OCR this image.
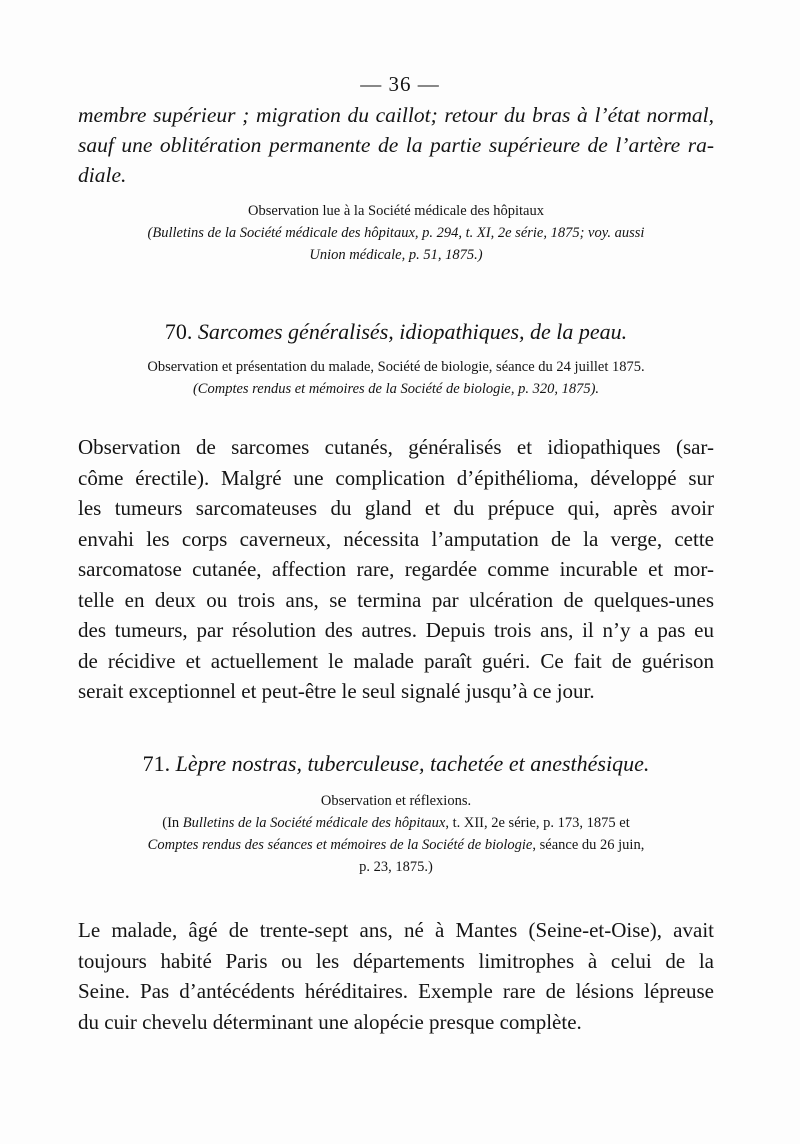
— 36 —
membre supérieur ; migration du caillot; retour du bras à l’état normal,
sauf une oblitération permanente de la partie supérieure de l’artère ra-
diale.
Observation lue à la Société médicale des hôpitaux
(Bulletins de la Société médicale des hôpitaux, p. 294, t. XI, 2e série, 1875; voy. aussi
Union médicale, p. 51, 1875.)
70. Sarcomes généralisés, idiopathiques, de la peau.
Observation et présentation du malade, Société de biologie, séance du 24 juillet 1875.
(Comptes rendus et mémoires de la Société de biologie, p. 320, 1875).
Observation de sarcomes cutanés, généralisés et idiopathiques (sar-
côme érectile). Malgré une complication d’épithélioma, développé sur
les tumeurs sarcomateuses du gland et du prépuce qui, après avoir
envahi les corps caverneux, nécessita l’amputation de la verge, cette
sarcomatose cutanée, affection rare, regardée comme incurable et mor-
telle en deux ou trois ans, se termina par ulcération de quelques-unes
des tumeurs, par résolution des autres. Depuis trois ans, il n’y a pas eu
de récidive et actuellement le malade paraît guéri. Ce fait de guérison
serait exceptionnel et peut-être le seul signalé jusqu’à ce jour.
71. Lèpre nostras, tuberculeuse, tachetée et anesthésique.
Observation et réflexions.
(In Bulletins de la Société médicale des hôpitaux, t. XII, 2e série, p. 173, 1875 et
Comptes rendus des séances et mémoires de la Société de biologie, séance du 26 juin,
p. 23, 1875.)
Le malade, âgé de trente-sept ans, né à Mantes (Seine-et-Oise), avait
toujours habité Paris ou les départements limitrophes à celui de la
Seine. Pas d’antécédents héréditaires. Exemple rare de lésions lépreuse
du cuir chevelu déterminant une alopécie presque complète.
